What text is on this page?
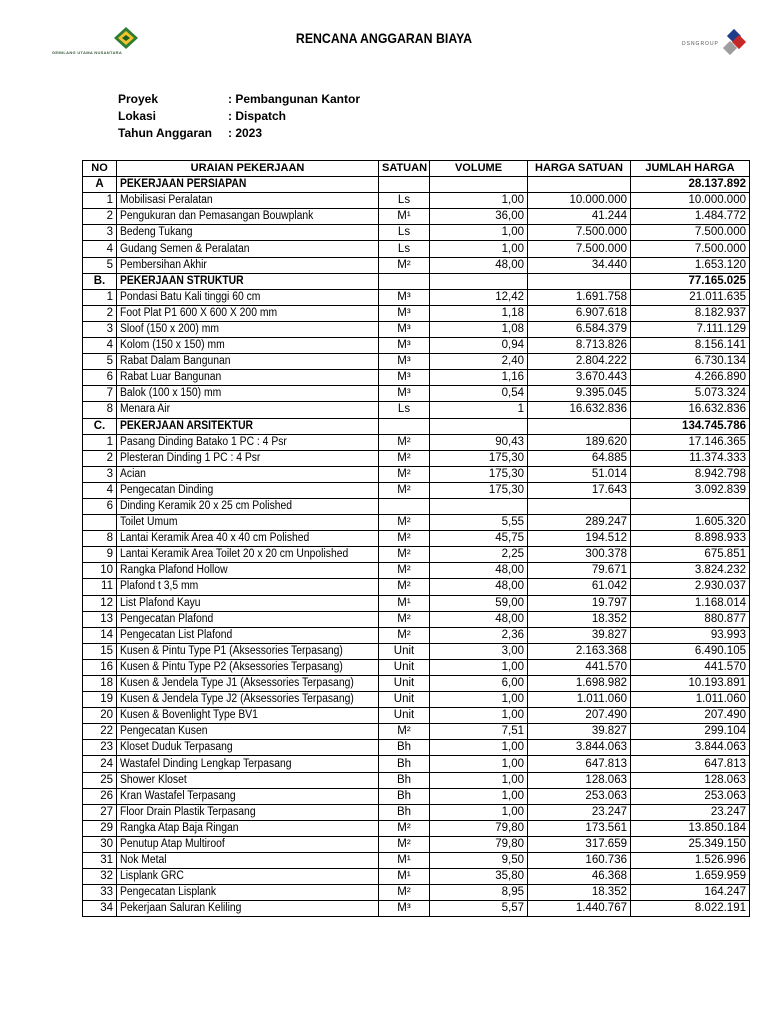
GEMILANG UTAMA NUSANTARA
RENCANA ANGGARAN BIAYA	DSNGROUP
Proyek	: Pembangunan Kantor
Lokasi	: Dispatch
Tahun Anggaran : 2023
NO	URAIAN PEKERJAAN	SATUAN	VOLUME	HARGA SATUAN	JUMLAH HARGA
A	PEKERJAAN PERSIAPAN				28.137.892
1	Mobilisasi Peralatan	Ls	1,00	10.000.000	10.000.000
2	Pengukuran dan Pemasangan Bouwplank	M¹	36,00	41.244	1.484.772
3	Bedeng Tukang	Ls	1,00	7.500.000	7.500.000
4	Gudang Semen & Peralatan	Ls	1,00	7.500.000	7.500.000
5	Pembersihan Akhir	M²	48,00	34.440	1.653.120
B.	PEKERJAAN STRUKTUR				77.165.025
1	Pondasi Batu Kali tinggi 60 cm	M³	12,42	1.691.758	21.011.635
2	Foot Plat P1 600 X 600 X 200 mm	M³	1,18	6.907.618	8.182.937
3	Sloof (150 x 200) mm	M³	1,08	6.584.379	7.111.129
4	Kolom (150 x 150) mm	M³	0,94	8.713.826	8.156.141
5	Rabat Dalam Bangunan	M³	2,40	2.804.222	6.730.134
6	Rabat Luar Bangunan	M³	1,16	3.670.443	4.266.890
7	Balok (100 x 150) mm	M³	0,54	9.395.045	5.073.324
8	Menara Air	Ls	1	16.632.836	16.632.836
C.	PEKERJAAN ARSITEKTUR				134.745.786
1	Pasang Dinding Batako 1 PC : 4 Psr	M²	90,43	189.620	17.146.365
2	Plesteran Dinding 1 PC : 4 Psr	M²	175,30	64.885	11.374.333
3	Acian	M²	175,30	51.014	8.942.798
4	Pengecatan Dinding	M²	175,30	17.643	3.092.839
6	Dinding Keramik 20 x 25 cm Polished				
	Toilet Umum	M²	5,55	289.247	1.605.320
8	Lantai Keramik Area 40 x 40 cm Polished	M²	45,75	194.512	8.898.933
9	Lantai Keramik Area Toilet 20 x 20 cm Unpolished	M²	2,25	300.378	675.851
10	Rangka Plafond Hollow	M²	48,00	79.671	3.824.232
11	Plafond t 3,5 mm	M²	48,00	61.042	2.930.037
12	List Plafond Kayu	M¹	59,00	19.797	1.168.014
13	Pengecatan Plafond	M²	48,00	18.352	880.877
14	Pengecatan List Plafond	M²	2,36	39.827	93.993
15	Kusen & Pintu Type P1 (Aksessories Terpasang)	Unit	3,00	2.163.368	6.490.105
16	Kusen & Pintu Type P2 (Aksessories Terpasang)	Unit	1,00	441.570	441.570
18	Kusen & Jendela Type J1 (Aksessories Terpasang)	Unit	6,00	1.698.982	10.193.891
19	Kusen & Jendela Type J2 (Aksessories Terpasang)	Unit	1,00	1.011.060	1.011.060
20	Kusen & Bovenlight Type BV1	Unit	1,00	207.490	207.490
22	Pengecatan Kusen	M²	7,51	39.827	299.104
23	Kloset Duduk Terpasang	Bh	1,00	3.844.063	3.844.063
24	Wastafel Dinding Lengkap Terpasang	Bh	1,00	647.813	647.813
25	Shower Kloset	Bh	1,00	128.063	128.063
26	Kran Wastafel Terpasang	Bh	1,00	253.063	253.063
27	Floor Drain Plastik Terpasang	Bh	1,00	23.247	23.247
29	Rangka Atap Baja Ringan	M²	79,80	173.561	13.850.184
30	Penutup Atap Multiroof	M²	79,80	317.659	25.349.150
31	Nok Metal	M¹	9,50	160.736	1.526.996
32	Lisplank GRC	M¹	35,80	46.368	1.659.959
33	Pengecatan Lisplank	M²	8,95	18.352	164.247
34	Pekerjaan Saluran Keliling	M³	5,57	1.440.767	8.022.191
